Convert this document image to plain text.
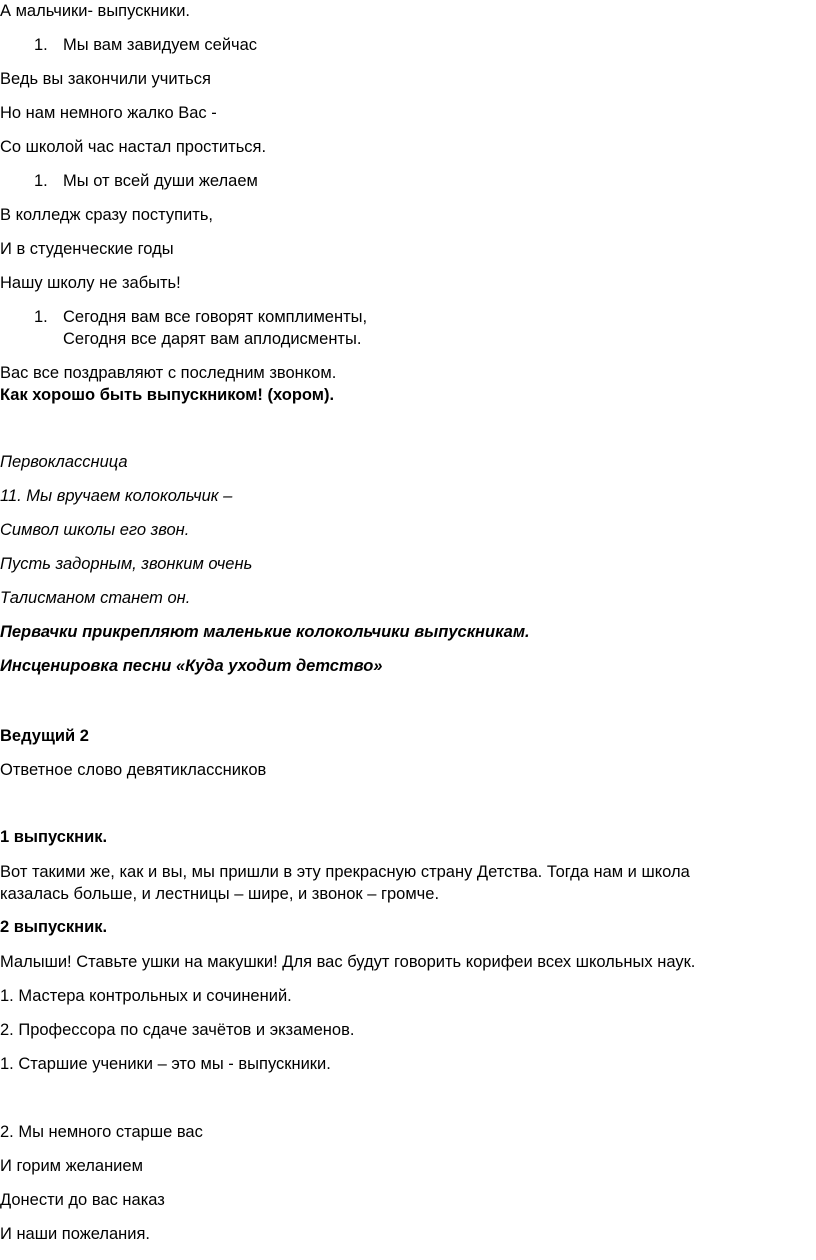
А мальчики- выпускники.
1. Мы вам завидуем сейчас
Ведь вы закончили учиться
Но нам немного жалко Вас -
Со школой час настал проститься.
1. Мы от всей души желаем
В колледж сразу поступить,
И в студенческие годы
Нашу школу не забыть!
1. Сегодня вам все говорят комплименты,
Сегодня все дарят вам аплодисменты.
Вас все поздравляют с последним звонком.
Как хорошо быть выпускником! (хором).
Первоклассница
11. Мы вручаем колокольчик –
Символ школы его звон.
Пусть задорным, звонким очень
Талисманом станет он.
Первачки прикрепляют маленькие колокольчики выпускникам.
Инсценировка песни «Куда уходит детство»
Ведущий 2
Ответное слово девятиклассников
1 выпускник.
Вот такими же, как и вы, мы пришли в эту прекрасную страну Детства. Тогда нам и школа
казалась больше, и лестницы – шире, и звонок – громче.
2 выпускник.
Малыши! Ставьте ушки на макушки! Для вас будут говорить корифеи всех школьных наук.
1. Мастера контрольных и сочинений.
2. Профессора по сдаче зачётов и экзаменов.
1. Старшие ученики – это мы - выпускники.
2. Мы немного старше вас
И горим желанием
Донести до вас наказ
И наши пожелания.
